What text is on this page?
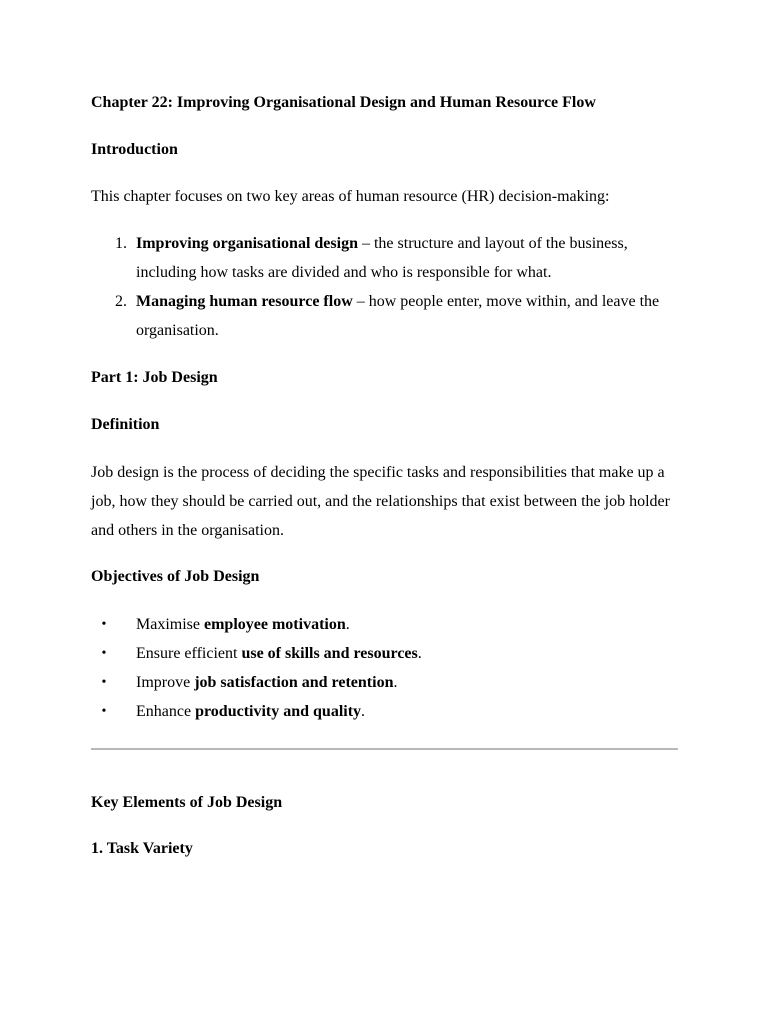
Chapter 22: Improving Organisational Design and Human Resource Flow

Introduction

This chapter focuses on two key areas of human resource (HR) decision-making:

1. Improving organisational design – the structure and layout of the business, including how tasks are divided and who is responsible for what.
2. Managing human resource flow – how people enter, move within, and leave the organisation.

Part 1: Job Design

Definition

Job design is the process of deciding the specific tasks and responsibilities that make up a job, how they should be carried out, and the relationships that exist between the job holder and others in the organisation.

Objectives of Job Design

•	Maximise employee motivation.
•	Ensure efficient use of skills and resources.
•	Improve job satisfaction and retention.
•	Enhance productivity and quality.

Key Elements of Job Design

1. Task Variety
